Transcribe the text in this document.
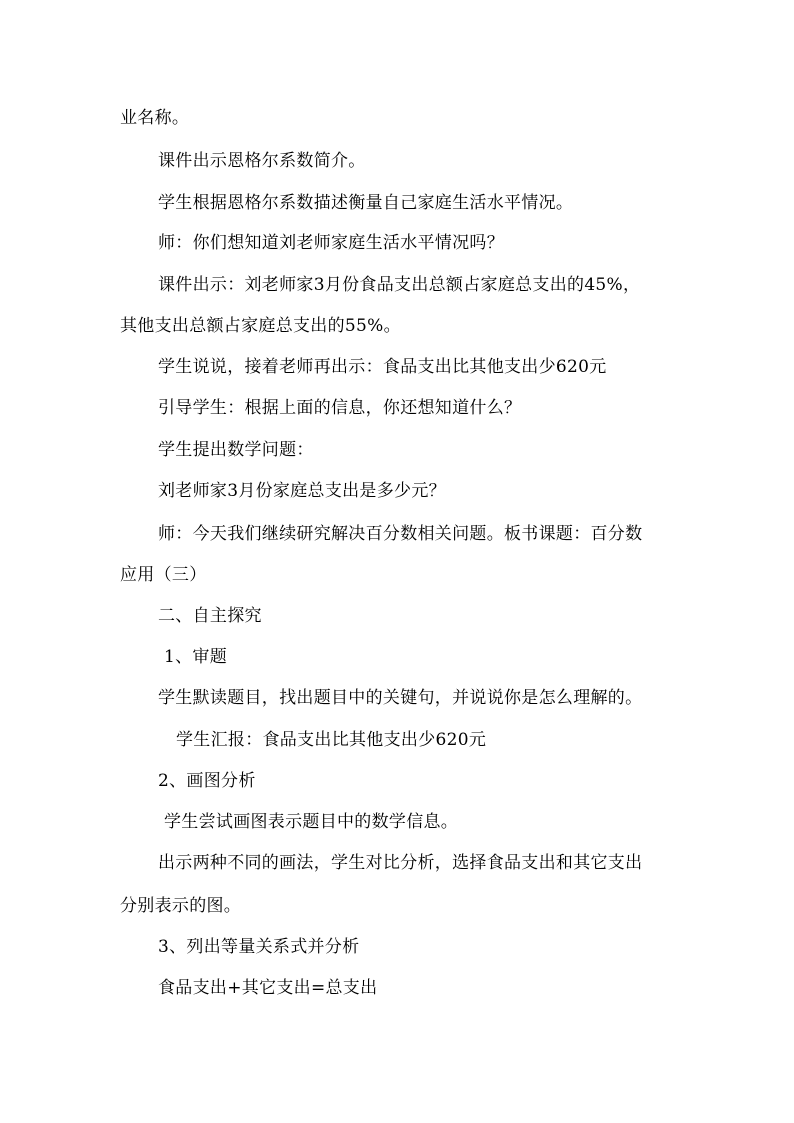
业名称。
课件出示恩格尔系数简介。
学生根据恩格尔系数描述衡量自己家庭生活水平情况。
师：你们想知道刘老师家庭生活水平情况吗？
课件出示：刘老师家3月份食品支出总额占家庭总支出的45%，
其他支出总额占家庭总支出的55%。
学生说说，接着老师再出示：食品支出比其他支出少620元
引导学生：根据上面的信息，你还想知道什么？
学生提出数学问题：
刘老师家3月份家庭总支出是多少元？
师：今天我们继续研究解决百分数相关问题。板书课题：百分数
应用（三）
二、自主探究
1、审题
学生默读题目，找出题目中的关键句，并说说你是怎么理解的。
学生汇报：食品支出比其他支出少620元
2、画图分析
学生尝试画图表示题目中的数学信息。
出示两种不同的画法，学生对比分析，选择食品支出和其它支出
分别表示的图。
3、列出等量关系式并分析
食品支出+其它支出=总支出
